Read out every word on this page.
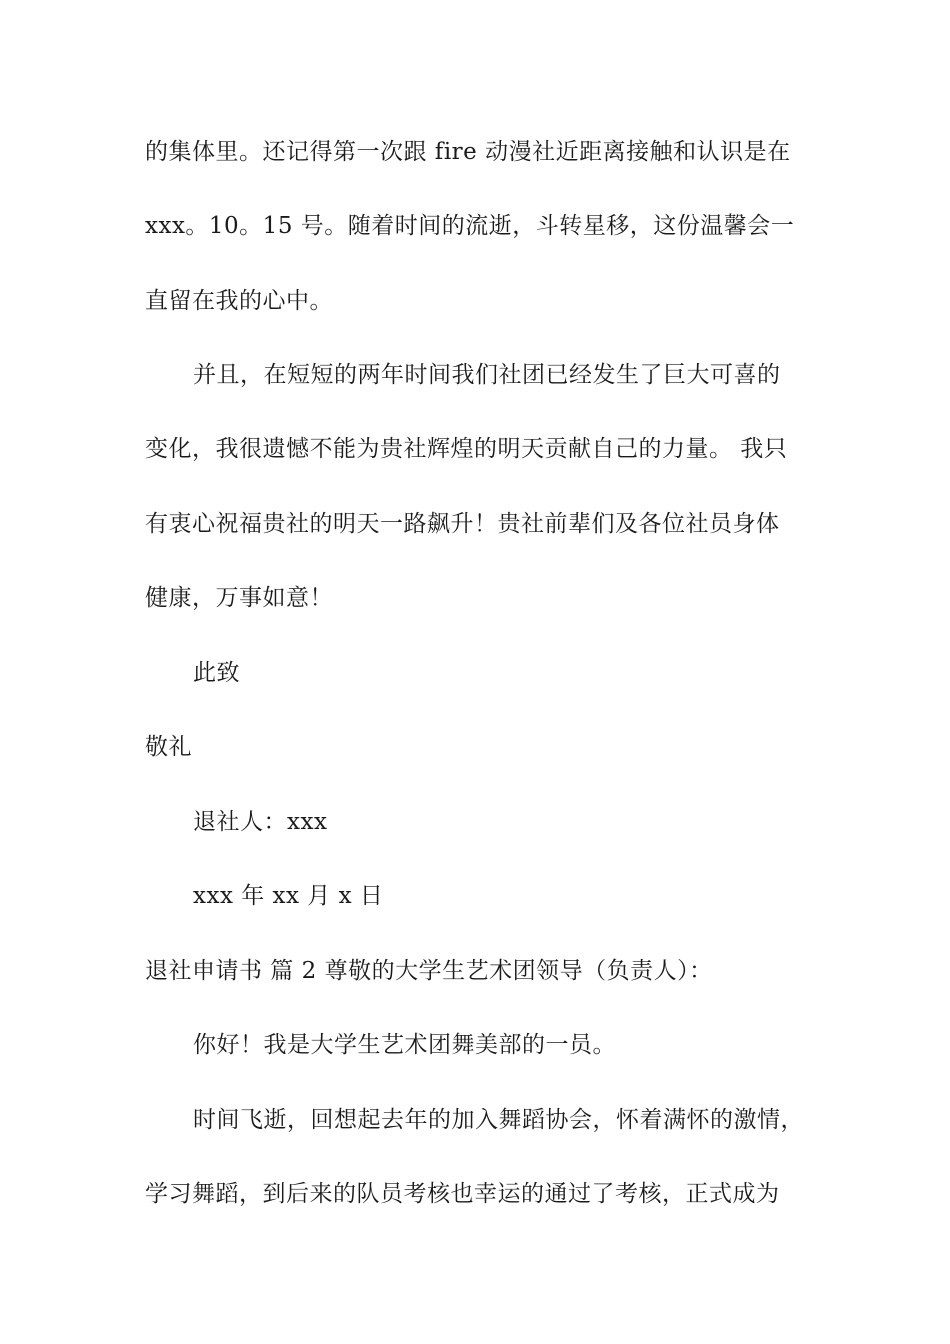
的集体里。还记得第一次跟 fire 动漫社近距离接触和认识是在
xxx。10。15 号。随着时间的流逝，斗转星移，这份温馨会一
直留在我的心中。
并且，在短短的两年时间我们社团已经发生了巨大可喜的
变化，我很遗憾不能为贵社辉煌的明天贡献自己的力量。 我只
有衷心祝福贵社的明天一路飙升！贵社前辈们及各位社员身体
健康，万事如意！
此致
敬礼
退社人：xxx
xxx 年 xx 月 x 日
退社申请书 篇 2 尊敬的大学生艺术团领导（负责人）：
你好！我是大学生艺术团舞美部的一员。
时间飞逝，回想起去年的加入舞蹈协会，怀着满怀的激情，
学习舞蹈，到后来的队员考核也幸运的通过了考核，正式成为
